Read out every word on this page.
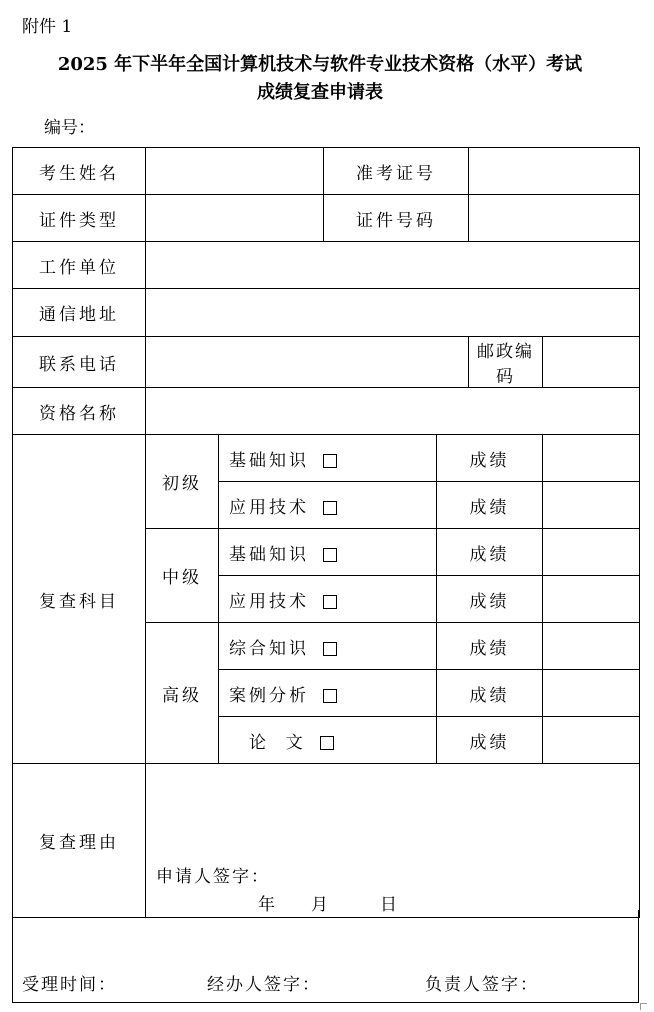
附件 1
2025 年下半年全国计算机技术与软件专业技术资格（水平）考试
成绩复查申请表
编号：
考生姓名			准考证号			
证件类型			证件号码			
工作单位						
通信地址						
联系电话					邮政编码	
资格名称						
复查科目	初级	基础知识		成绩		
		应用技术		成绩		
	中级	基础知识		成绩		
		应用技术		成绩		
	高级	综合知识		成绩		
		案例分析		成绩		
		论  文		成绩		
复查理由	申请人签字：
年 月 日					
受理时间：	经办人签字：	负责人签字：
